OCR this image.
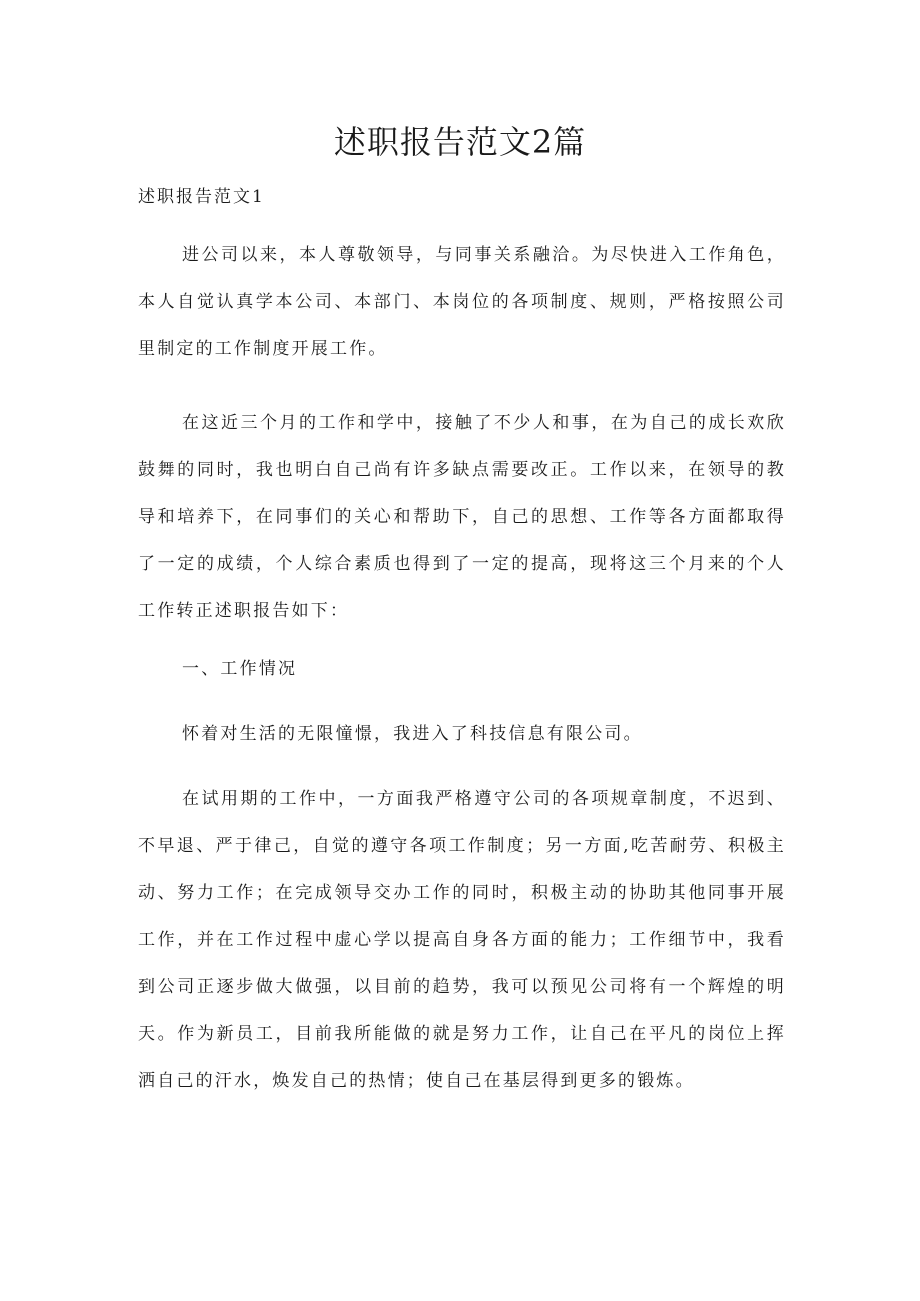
述职报告范文2篇

述职报告范文1

进公司以来，本人尊敬领导，与同事关系融洽。为尽快进入工作角色，本人自觉认真学本公司、本部门、本岗位的各项制度、规则，严格按照公司里制定的工作制度开展工作。

在这近三个月的工作和学中，接触了不少人和事，在为自己的成长欢欣鼓舞的同时，我也明白自己尚有许多缺点需要改正。工作以来，在领导的教导和培养下，在同事们的关心和帮助下，自己的思想、工作等各方面都取得了一定的成绩，个人综合素质也得到了一定的提高，现将这三个月来的个人工作转正述职报告如下：

一、工作情况

怀着对生活的无限憧憬，我进入了科技信息有限公司。

在试用期的工作中，一方面我严格遵守公司的各项规章制度，不迟到、不早退、严于律己，自觉的遵守各项工作制度；另一方面,吃苦耐劳、积极主动、努力工作；在完成领导交办工作的同时，积极主动的协助其他同事开展工作，并在工作过程中虚心学以提高自身各方面的能力；工作细节中，我看到公司正逐步做大做强，以目前的趋势，我可以预见公司将有一个辉煌的明天。作为新员工，目前我所能做的就是努力工作，让自己在平凡的岗位上挥洒自己的汗水，焕发自己的热情；使自己在基层得到更多的锻炼。
